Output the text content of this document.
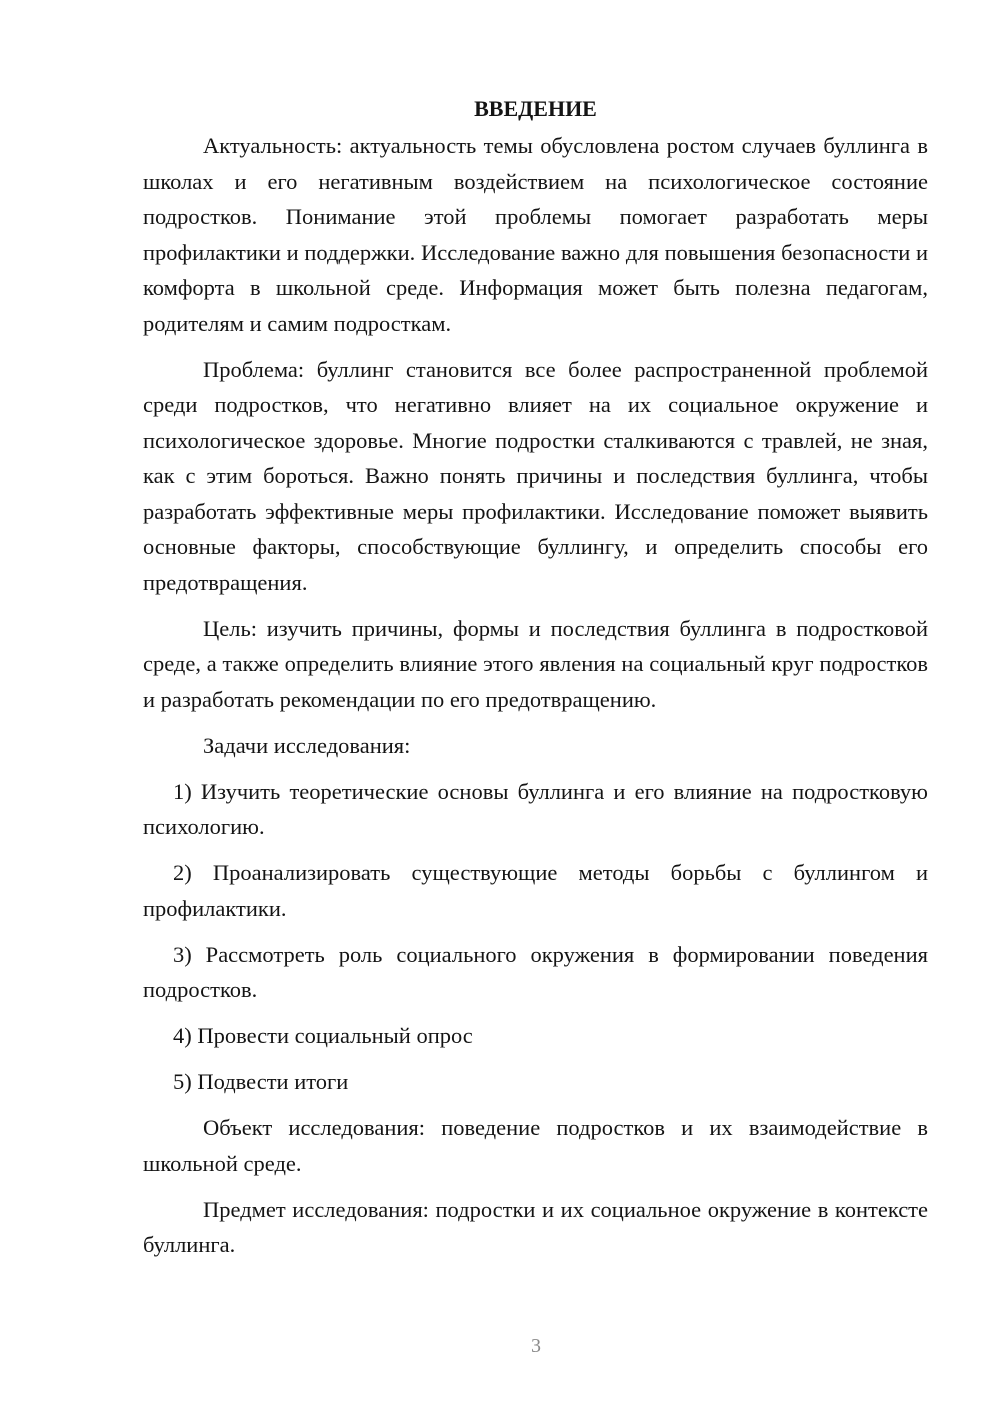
ВВЕДЕНИЕ

Актуальность: актуальность темы обусловлена ростом случаев буллинга в школах и его негативным воздействием на психологическое состояние подростков. Понимание этой проблемы помогает разработать меры профилактики и поддержки. Исследование важно для повышения безопасности и комфорта в школьной среде. Информация может быть полезна педагогам, родителям и самим подросткам.

Проблема: буллинг становится все более распространенной проблемой среди подростков, что негативно влияет на их социальное окружение и психологическое здоровье. Многие подростки сталкиваются с травлей, не зная, как с этим бороться. Важно понять причины и последствия буллинга, чтобы разработать эффективные меры профилактики. Исследование поможет выявить основные факторы, способствующие буллингу, и определить способы его предотвращения.

Цель: изучить причины, формы и последствия буллинга в подростковой среде, а также определить влияние этого явления на социальный круг подростков и разработать рекомендации по его предотвращению.

Задачи исследования:

1) Изучить теоретические основы буллинга и его влияние на подростковую психологию.

2) Проанализировать существующие методы борьбы с буллингом и профилактики.

3) Рассмотреть роль социального окружения в формировании поведения подростков.

4) Провести социальный опрос

5) Подвести итоги

Объект исследования: поведение подростков и их взаимодействие в школьной среде.

Предмет исследования: подростки и их социальное окружение в контексте буллинга.

3
